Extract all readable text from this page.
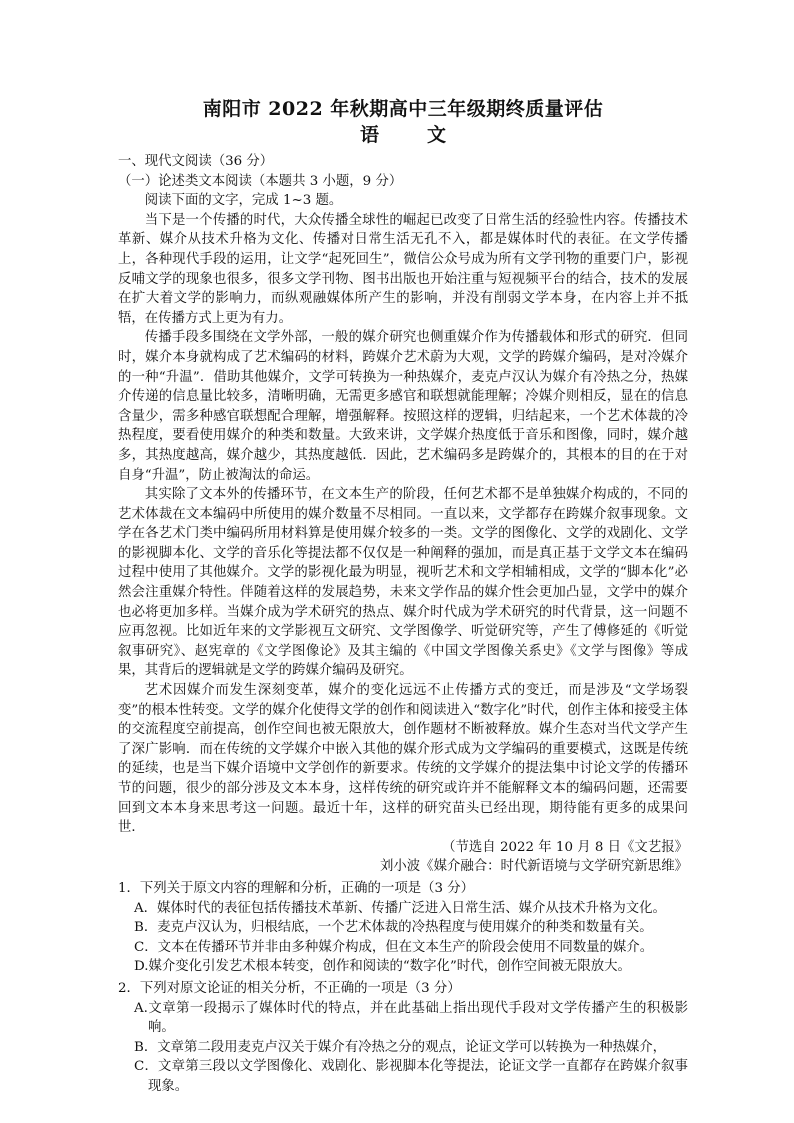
南阳市 2022 年秋期高中三年级期终质量评估

语	文

一、现代文阅读（36 分）

（一）论述类文本阅读（本题共 3 小题，9 分）

阅读下面的文字，完成 1~3 题。

当下是一个传播的时代，大众传播全球性的崛起已改变了日常生活的经验性内容。传播技术革新、媒介从技术升格为文化、传播对日常生活无孔不入，都是媒体时代的表征。在文学传播上，各种现代手段的运用，让文学“起死回生”，微信公众号成为所有文学刊物的重要门户，影视反哺文学的现象也很多，很多文学刊物、图书出版也开始注重与短视频平台的结合，技术的发展在扩大着文学的影响力，而纵观融媒体所产生的影响，并没有削弱文学本身，在内容上并不抵牾，在传播方式上更为有力。

传播手段多围绕在文学外部，一般的媒介研究也侧重媒介作为传播载体和形式的研究．但同时，媒介本身就构成了艺术编码的材料，跨媒介艺术蔚为大观，文学的跨媒介编码，是对冷媒介的一种“升温”．借助其他媒介，文学可转换为一种热媒介，麦克卢汉认为媒介有冷热之分，热媒介传递的信息量比较多，清晰明确，无需更多感官和联想就能理解；冷媒介则相反，显在的信息含量少，需多种感官联想配合理解，增强解释。按照这样的逻辑，归结起来，一个艺术体裁的冷热程度，要看使用媒介的种类和数量。大致来讲，文学媒介热度低于音乐和图像，同时，媒介越多，其热度越高，媒介越少，其热度越低．因此，艺术编码多是跨媒介的，其根本的目的在于对自身“升温”，防止被淘汰的命运。

其实除了文本外的传播环节，在文本生产的阶段，任何艺术都不是单独媒介构成的，不同的艺术体裁在文本编码中所使用的媒介数量不尽相同。一直以来，文学都存在跨媒介叙事现象。文学在各艺术门类中编码所用材料算是使用媒介较多的一类。文学的图像化、文学的戏剧化、文学的影视脚本化、文学的音乐化等提法都不仅仅是一种阐释的强加，而是真正基于文学文本在编码过程中使用了其他媒介。文学的影视化最为明显，视听艺术和文学相辅相成，文学的“脚本化”必然会注重媒介特性。伴随着这样的发展趋势，未来文学作品的媒介性会更加凸显，文学中的媒介也必将更加多样。当媒介成为学术研究的热点、媒介时代成为学术研究的时代背景，这一问题不应再忽视。比如近年来的文学影视互文研究、文学图像学、听觉研究等，产生了傅修延的《听觉叙事研究》、赵宪章的《文学图像论》及其主编的《中国文学图像关系史》《文学与图像》等成果，其背后的逻辑就是文学的跨媒介编码及研究。

艺术因媒介而发生深刻变革，媒介的变化远远不止传播方式的变迁，而是涉及“文学场裂变”的根本性转变。文学的媒介化使得文学的创作和阅读进入“数字化”时代，创作主体和接受主体的交流程度空前提高，创作空间也被无限放大，创作题材不断被释放。媒介生态对当代文学产生了深广影响．而在传统的文学媒介中嵌入其他的媒介形式成为文学编码的重要模式，这既是传统的延续，也是当下媒介语境中文学创作的新要求。传统的文学媒介的提法集中讨论文学的传播环节的问题，很少的部分涉及文本本身，这样传统的研究或许并不能解释文本的编码问题，还需要回到文本本身来思考这一问题。最近十年，这样的研究苗头已经出现，期待能有更多的成果问世．

（节选自 2022 年 10 月 8 日《文艺报》

刘小波《媒介融合：时代新语境与文学研究新思维》

1．下列关于原文内容的理解和分析，正确的一项是（3 分）

A．媒体时代的表征包括传播技术革新、传播广泛进入日常生活、媒介从技术升格为文化。

B．麦克卢汉认为，归根结底，一个艺术体裁的冷热程度与使用媒介的种类和数量有关。

C．文本在传播环节并非由多种媒介构成，但在文本生产的阶段会使用不同数量的媒介。

D.媒介变化引发艺术根本转变，创作和阅读的“数字化”时代，创作空间被无限放大。

2．下列对原文论证的相关分析，不正确的一项是（3 分）

A.文章第一段揭示了媒体时代的特点，并在此基础上指出现代手段对文学传播产生的积极影响。

B．文章第二段用麦克卢汉关于媒介有冷热之分的观点，论证文学可以转换为一种热媒介，

C．文章第三段以文学图像化、戏剧化、影视脚本化等提法，论证文学一直都存在跨媒介叙事现象。
